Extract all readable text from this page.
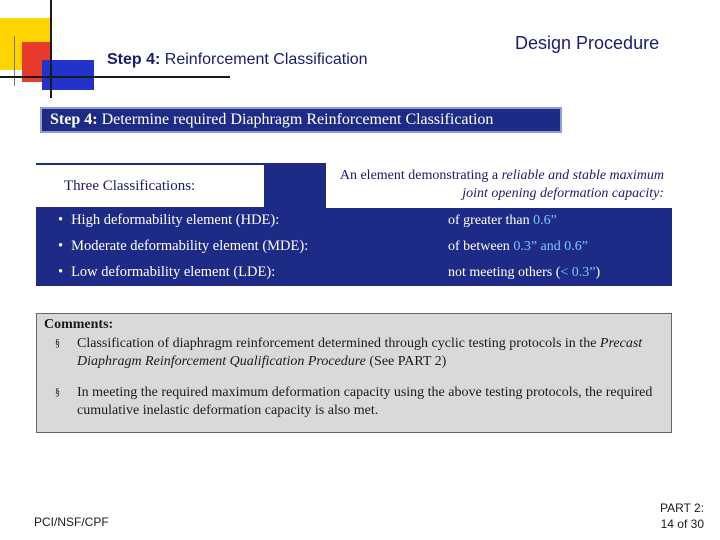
Step 4: Reinforcement Classification
Design Procedure
Step 4: Determine required Diaphragm Reinforcement Classification
Three Classifications:
An element demonstrating a reliable and stable maximum joint opening deformation capacity:
• High deformability element (HDE):	of greater than 0.6”
• Moderate deformability element (MDE):	of between 0.3” and 0.6”
• Low deformability element (LDE):	not meeting others (< 0.3”)
Comments:
§ Classification of diaphragm reinforcement determined through cyclic testing protocols in the Precast Diaphragm Reinforcement Qualification Procedure (See PART 2)
§ In meeting the required maximum deformation capacity using the above testing protocols, the required cumulative inelastic deformation capacity is also met.
PCI/NSF/CPF
PART 2:
14 of 30
